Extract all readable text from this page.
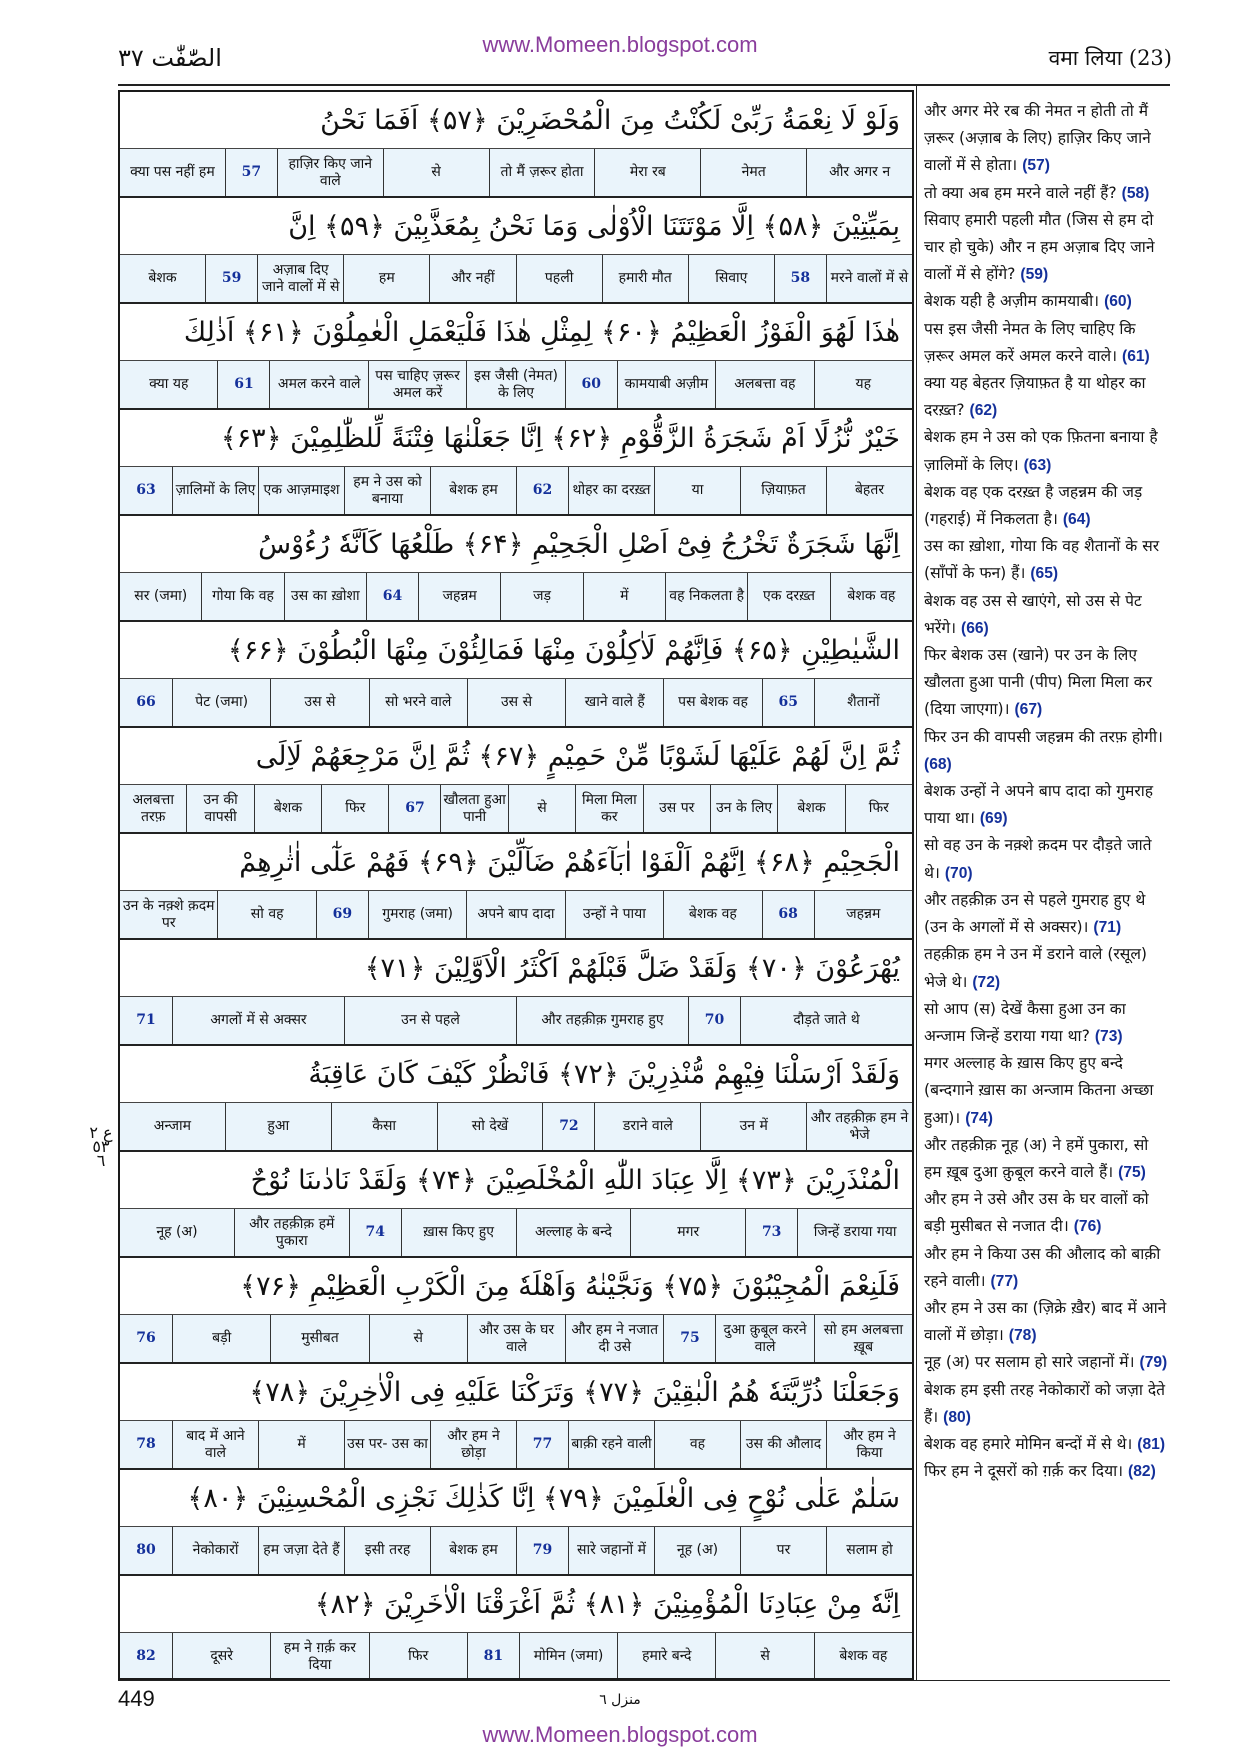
www.Momeen.blogspot.com
الصّٰفّٰت ۳۷	वमा लिया (23)
وَلَوْ لَا نِعْمَةُ رَبِّىْ لَكُنْتُ مِنَ الْمُحْضَرِيْنَ ﴿۵۷﴾ اَفَمَا نَحْنُ
और अगर न
नेमत
मेरा रब
तो मैं ज़रूर होता
से
हाज़िर किए जाने वाले
57
क्या पस नहीं हम
بِمَيِّتِيْنَ ﴿۵۸﴾ اِلَّا مَوْتَتَنَا الْاُوْلٰى وَمَا نَحْنُ بِمُعَذَّبِيْنَ ﴿۵۹﴾ اِنَّ
मरने वालों में से
58
सिवाए
हमारी मौत
पहली
और नहीं
हम
अज़ाब दिए जाने वालों में से
59
बेशक
هٰذَا لَهُوَ الْفَوْزُ الْعَظِيْمُ ﴿۶۰﴾ لِمِثْلِ هٰذَا فَلْيَعْمَلِ الْعٰمِلُوْنَ ﴿۶۱﴾ اَذٰلِكَ
यह
अलबत्ता वह
कामयाबी अज़ीम
60
इस जैसी (नेमत) के लिए
पस चाहिए ज़रूर अमल करें
अमल करने वाले
61
क्या यह
خَيْرٌ نُّزُلًا اَمْ شَجَرَةُ الزَّقُّوْمِ ﴿۶۲﴾ اِنَّا جَعَلْنٰهَا فِتْنَةً لِّلظّٰلِمِيْنَ ﴿۶۳﴾
बेहतर
ज़ियाफ़त
या
थोहर का दरख़्त
62
बेशक हम
हम ने उस को बनाया
एक आज़माइश
ज़ालिमों के लिए
63
اِنَّهَا شَجَرَةٌ تَخْرُجُ فِىْٓ اَصْلِ الْجَحِيْمِ ﴿۶۴﴾ طَلْعُهَا كَاَنَّهٗ رُءُوْسُ
बेशक वह
एक दरख़्त
वह निकलता है
में
जड़
जहन्नम
64
उस का ख़ोशा
गोया कि वह
सर (जमा)
الشَّيٰطِيْنِ ﴿۶۵﴾ فَاِنَّهُمْ لَاٰكِلُوْنَ مِنْهَا فَمَالِئُوْنَ مِنْهَا الْبُطُوْنَ ﴿۶۶﴾
शैतानों
65
पस बेशक वह
खाने वाले हैं
उस से
सो भरने वाले
उस से
पेट (जमा)
66
ثُمَّ اِنَّ لَهُمْ عَلَيْهَا لَشَوْبًا مِّنْ حَمِيْمٍ ﴿۶۷﴾ ثُمَّ اِنَّ مَرْجِعَهُمْ لَاِلَى
फिर
बेशक
उन के लिए
उस पर
मिला मिला कर
से
खौलता हुआ पानी
67
फिर
बेशक
उन की वापसी
अलबत्ता तरफ़
الْجَحِيْمِ ﴿۶۸﴾ اِنَّهُمْ اَلْفَوْا اٰبَآءَهُمْ ضَآلِّيْنَ ﴿۶۹﴾ فَهُمْ عَلٰٓى اٰثٰرِهِمْ
जहन्नम
68
बेशक वह
उन्हों ने पाया
अपने बाप दादा
गुमराह (जमा)
69
सो वह
उन के नक़्शे क़दम पर
يُهْرَعُوْنَ ﴿۷۰﴾ وَلَقَدْ ضَلَّ قَبْلَهُمْ اَكْثَرُ الْاَوَّلِيْنَ ﴿۷۱﴾
दौड़ते जाते थे
70
और तहक़ीक़ गुमराह हुए
उन से पहले
अगलों में से अक्सर
71
وَلَقَدْ اَرْسَلْنَا فِيْهِمْ مُّنْذِرِيْنَ ﴿۷۲﴾ فَانْظُرْ كَيْفَ كَانَ عَاقِبَةُ
और तहक़ीक़ हम ने भेजे
उन में
डराने वाले
72
सो देखें
कैसा
हुआ
अन्जाम
الْمُنْذَرِيْنَ ﴿۷۳﴾ اِلَّا عِبَادَ اللّٰهِ الْمُخْلَصِيْنَ ﴿۷۴﴾ وَلَقَدْ نَادٰىنَا نُوْحٌ
जिन्हें डराया गया
73
मगर
अल्लाह के बन्दे
ख़ास किए हुए
74
और तहक़ीक़ हमें पुकारा
नूह (अ)
فَلَنِعْمَ الْمُجِيْبُوْنَ ﴿۷۵﴾ وَنَجَّيْنٰهُ وَاَهْلَهٗ مِنَ الْكَرْبِ الْعَظِيْمِ ﴿۷۶﴾
सो हम अलबत्ता ख़ूब
दुआ क़ुबूल करने वाले
75
और हम ने नजात दी उसे
और उस के घर वाले
से
मुसीबत
बड़ी
76
وَجَعَلْنَا ذُرِّيَّتَهٗ هُمُ الْبٰقِيْنَ ﴿۷۷﴾ وَتَرَكْنَا عَلَيْهِ فِى الْاٰخِرِيْنَ ﴿۷۸﴾
और हम ने किया
उस की औलाद
वह
बाक़ी रहने वाली
77
और हम ने छोड़ा
उस पर- उस का
में
बाद में आने वाले
78
سَلٰمٌ عَلٰى نُوْحٍ فِى الْعٰلَمِيْنَ ﴿۷۹﴾ اِنَّا كَذٰلِكَ نَجْزِى الْمُحْسِنِيْنَ ﴿۸۰﴾
सलाम हो
पर
नूह (अ)
सारे जहानों में
79
बेशक हम
इसी तरह
हम जज़ा देते हैं
नेकोकारों
80
اِنَّهٗ مِنْ عِبَادِنَا الْمُؤْمِنِيْنَ ﴿۸۱﴾ ثُمَّ اَغْرَقْنَا الْاٰخَرِيْنَ ﴿۸۲﴾
बेशक वह
से
हमारे बन्दे
मोमिन (जमा)
81
फिर
हम ने ग़र्क़ कर दिया
दूसरे
82
और अगर मेरे रब की नेमत न होती तो मैं ज़रूर (अज़ाब के लिए) हाज़िर किए जाने वालों में से होता। (57)
तो क्या अब हम मरने वाले नहीं हैं? (58)
सिवाए हमारी पहली मौत (जिस से हम दो चार हो चुके) और न हम अज़ाब दिए जाने वालों में से होंगे? (59)
बेशक यही है अज़ीम कामयाबी। (60)
पस इस जैसी नेमत के लिए चाहिए कि ज़रूर अमल करें अमल करने वाले। (61)
क्या यह बेहतर ज़ियाफ़त है या थोहर का दरख़्त? (62)
बेशक हम ने उस को एक फ़ितना बनाया है ज़ालिमों के लिए। (63)
बेशक वह एक दरख़्त है जहन्नम की जड़ (गहराई) में निकलता है। (64)
उस का ख़ोशा, गोया कि वह शैतानों के सर (साँपों के फन) हैं। (65)
बेशक वह उस से खाएंगे, सो उस से पेट भरेंगे। (66)
फिर बेशक उस (खाने) पर उन के लिए खौलता हुआ पानी (पीप) मिला मिला कर (दिया जाएगा)। (67)
फिर उन की वापसी जहन्नम की तरफ़ होगी। (68)
बेशक उन्हों ने अपने बाप दादा को गुमराह पाया था। (69)
सो वह उन के नक़्शे क़दम पर दौड़ते जाते थे। (70)
और तहक़ीक़ उन से पहले गुमराह हुए थे (उन के अगलों में से अक्सर)। (71)
तहक़ीक़ हम ने उन में डराने वाले (रसूल) भेजे थे। (72)
सो आप (स) देखें कैसा हुआ उन का अन्जाम जिन्हें डराया गया था? (73)
मगर अल्लाह के ख़ास किए हुए बन्दे (बन्दगाने ख़ास का अन्जाम कितना अच्छा हुआ)। (74)
और तहक़ीक़ नूह (अ) ने हमें पुकारा, सो हम ख़ूब दुआ क़ुबूल करने वाले हैं। (75)
और हम ने उसे और उस के घर वालों को बड़ी मुसीबत से नजात दी। (76)
और हम ने किया उस की औलाद को बाक़ी रहने वाली। (77)
और हम ने उस का (ज़िक्रे ख़ैर) बाद में आने वालों में छोड़ा। (78)
नूह (अ) पर सलाम हो सारे जहानों में। (79)
बेशक हम इसी तरह नेकोकारों को जज़ा देते हैं। (80)
बेशक वह हमारे मोमिन बन्दों में से थे। (81)
फिर हम ने दूसरों को ग़र्क़ कर दिया। (82)

ع ٢ ٥٣ ٦
449	منزل ٦
www.Momeen.blogspot.com
